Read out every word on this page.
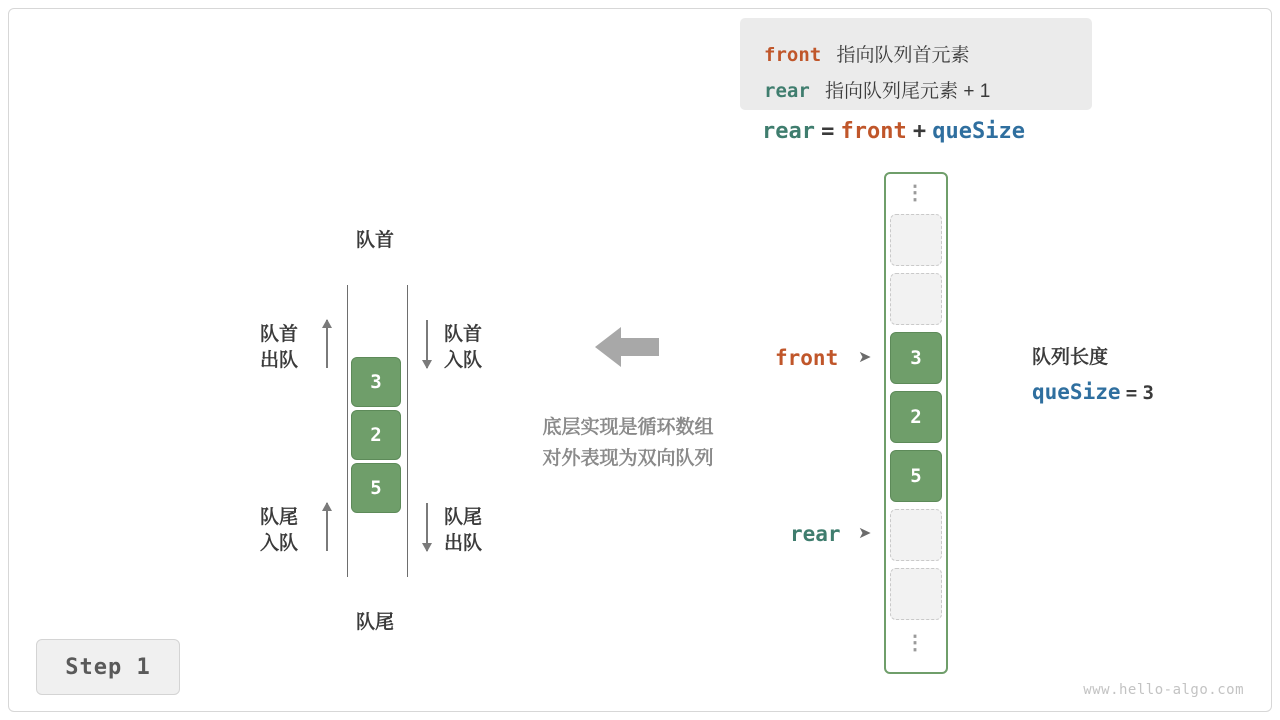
front 指向队列首元素
rear 指向队列尾元素 + 1
rear = front + queSize
队首
队尾
队首
出队
队尾
入队
队首
入队
队尾
出队
3
2
5
底层实现是循环数组
对外表现为双向队列
⋮
⋮
3
2
5
front ➤
rear ➤
队列长度
queSize = 3
Step 1
www.hello-algo.com
